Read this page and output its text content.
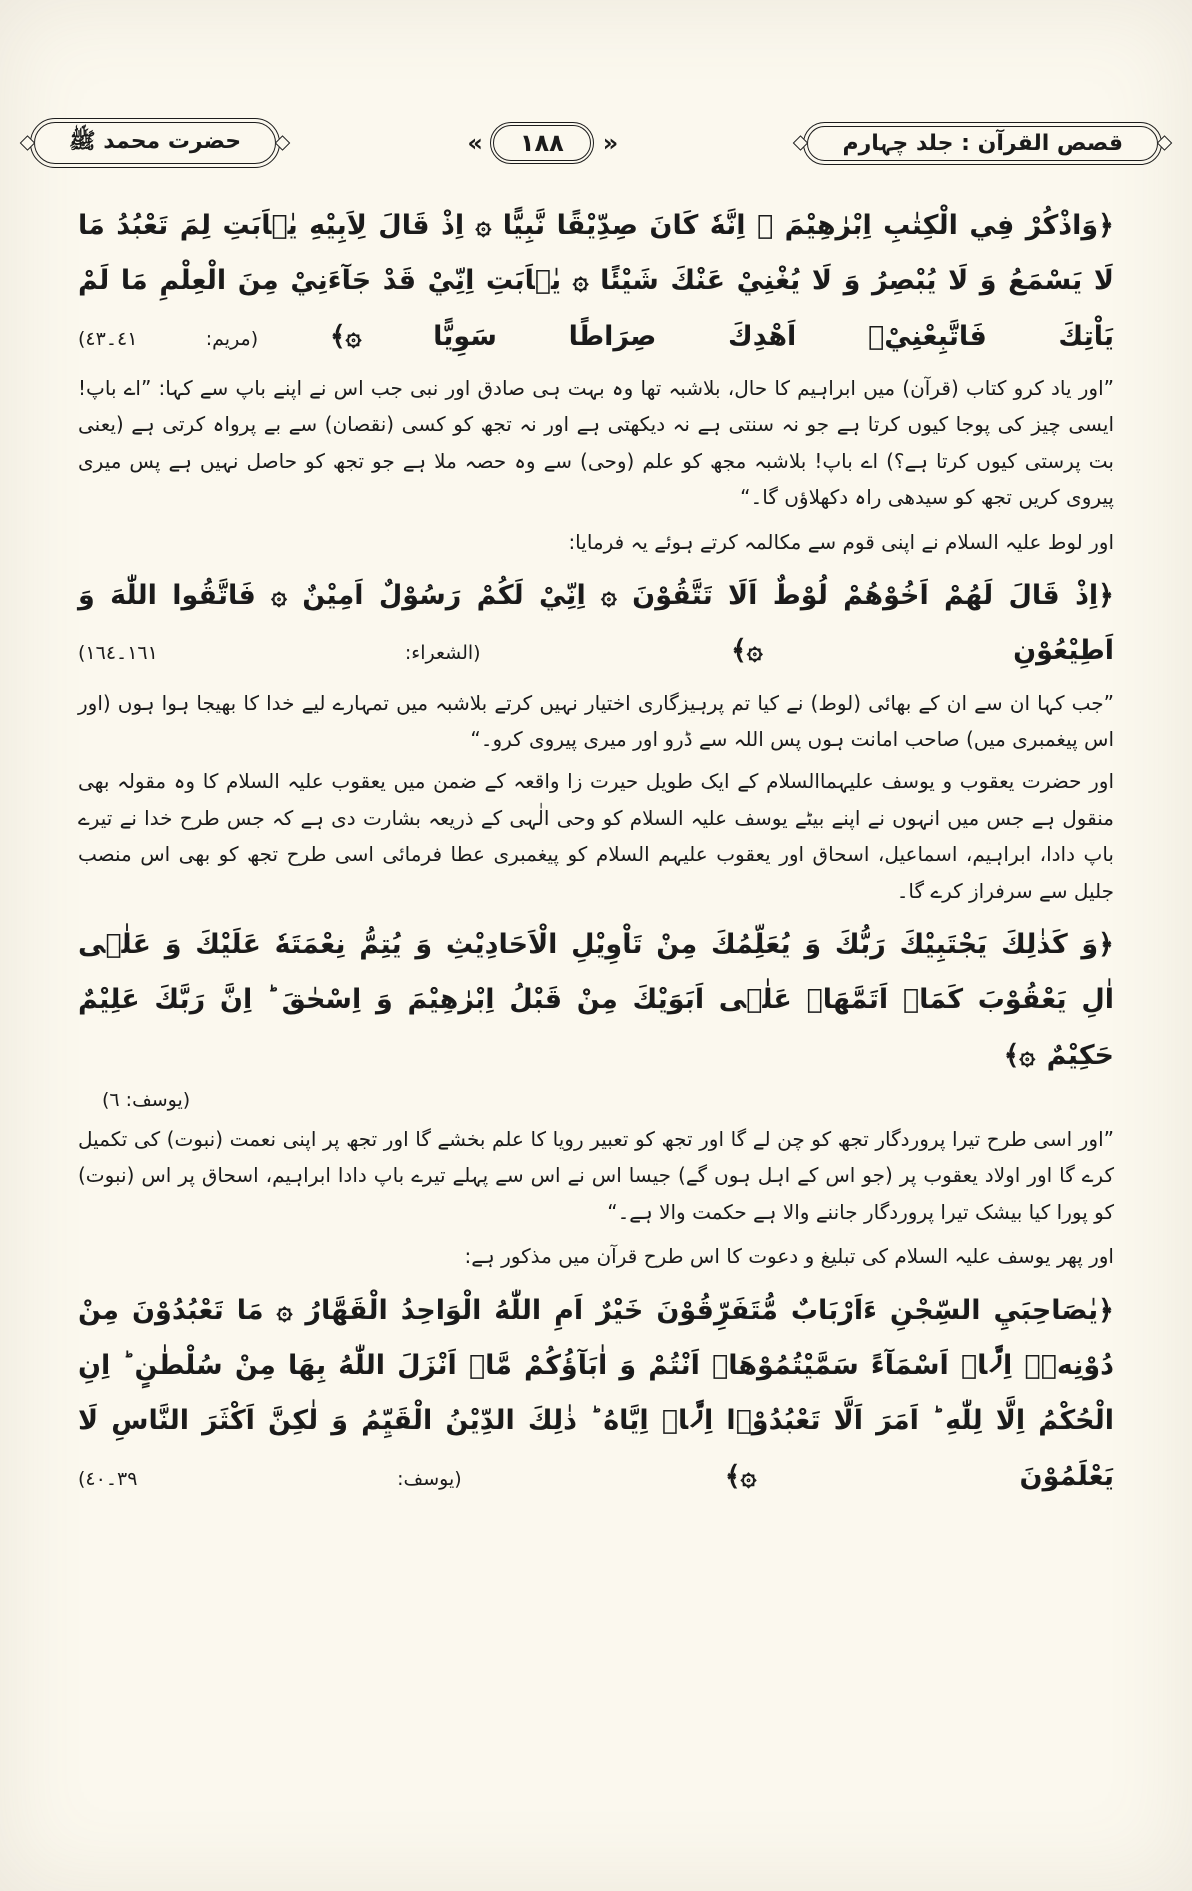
قصص القرآن : جلد چہارم
«
١٨٨
»
حضرت محمد ﷺ

﴿وَاذْكُرْ فِي الْكِتٰبِ اِبْرٰهِيْمَ ۚ اِنَّهٗ كَانَ صِدِّيْقًا نَّبِيًّا ۞ اِذْ قَالَ لِاَبِيْهِ يٰۤاَبَتِ لِمَ تَعْبُدُ مَا لَا يَسْمَعُ وَ لَا يُبْصِرُ وَ لَا يُغْنِيْ عَنْكَ شَيْئًا ۞ يٰۤاَبَتِ اِنِّيْ قَدْ جَآءَنِيْ مِنَ الْعِلْمِ مَا لَمْ يَاْتِكَ فَاتَّبِعْنِيْۤ اَهْدِكَ صِرَاطًا سَوِيًّا ۞﴾ (مريم: ٤١۔٤٣)

”اور یاد کرو کتاب (قرآن) میں ابراہیم کا حال، بلاشبہ تھا وہ بہت ہی صادق اور نبی جب اس نے اپنے باپ سے کہا: ”اے باپ! ایسی چیز کی پوجا کیوں کرتا ہے جو نہ سنتی ہے نہ دیکھتی ہے اور نہ تجھ کو کسی (نقصان) سے بے پرواہ کرتی ہے (یعنی بت پرستی کیوں کرتا ہے؟) اے باپ! بلاشبہ مجھ کو علم (وحی) سے وہ حصہ ملا ہے جو تجھ کو حاصل نہیں ہے پس میری پیروی کریں تجھ کو سیدھی راہ دکھلاؤں گا۔“

اور لوط علیہ السلام نے اپنی قوم سے مکالمہ کرتے ہوئے یہ فرمایا:

﴿اِذْ قَالَ لَهُمْ اَخُوْهُمْ لُوْطٌ اَلَا تَتَّقُوْنَ ۞ اِنِّيْ لَكُمْ رَسُوْلٌ اَمِيْنٌ ۞ فَاتَّقُوا اللّٰهَ وَ اَطِيْعُوْنِ ۞﴾ (الشعراء: ١٦١۔١٦٤)

”جب کہا ان سے ان کے بھائی (لوط) نے کیا تم پرہیزگاری اختیار نہیں کرتے بلاشبہ میں تمہارے لیے خدا کا بھیجا ہوا ہوں (اور اس پیغمبری میں) صاحب امانت ہوں پس اللہ سے ڈرو اور میری پیروی کرو۔“

اور حضرت یعقوب و یوسف علیہماالسلام کے ایک طویل حیرت زا واقعہ کے ضمن میں یعقوب علیہ السلام کا وہ مقولہ بھی منقول ہے جس میں انہوں نے اپنے بیٹے یوسف علیہ السلام کو وحی الٰہی کے ذریعہ بشارت دی ہے کہ جس طرح خدا نے تیرے باپ دادا، ابراہیم، اسماعیل، اسحاق اور یعقوب علیہم السلام کو پیغمبری عطا فرمائی اسی طرح تجھ کو بھی اس منصب جلیل سے سرفراز کرے گا۔

﴿وَ كَذٰلِكَ يَجْتَبِيْكَ رَبُّكَ وَ يُعَلِّمُكَ مِنْ تَاْوِيْلِ الْاَحَادِيْثِ وَ يُتِمُّ نِعْمَتَهٗ عَلَيْكَ وَ عَلٰۤى اٰلِ يَعْقُوْبَ كَمَاۤ اَتَمَّهَاۤ عَلٰۤى اَبَوَيْكَ مِنْ قَبْلُ اِبْرٰهِيْمَ وَ اِسْحٰقَ ؕ اِنَّ رَبَّكَ عَلِيْمٌ حَكِيْمٌ ۞﴾

(يوسف: ٦)

”اور اسی طرح تیرا پروردگار تجھ کو چن لے گا اور تجھ کو تعبیر رویا کا علم بخشے گا اور تجھ پر اپنی نعمت (نبوت) کی تکمیل کرے گا اور اولاد یعقوب پر (جو اس کے اہل ہوں گے) جیسا اس نے اس سے پہلے تیرے باپ دادا ابراہیم، اسحاق پر اس (نبوت) کو پورا کیا بیشک تیرا پروردگار جاننے والا ہے حکمت والا ہے۔“

اور پھر یوسف علیہ السلام کی تبلیغ و دعوت کا اس طرح قرآن میں مذکور ہے:

﴿يٰصَاحِبَيِ السِّجْنِ ءَاَرْبَابٌ مُّتَفَرِّقُوْنَ خَيْرٌ اَمِ اللّٰهُ الْوَاحِدُ الْقَهَّارُ ۞ مَا تَعْبُدُوْنَ مِنْ دُوْنِهٖۤ اِلَّاۤ اَسْمَآءً سَمَّيْتُمُوْهَاۤ اَنْتُمْ وَ اٰبَآؤُكُمْ مَّاۤ اَنْزَلَ اللّٰهُ بِهَا مِنْ سُلْطٰنٍ ؕ اِنِ الْحُكْمُ اِلَّا لِلّٰهِ ؕ اَمَرَ اَلَّا تَعْبُدُوْۤا اِلَّاۤ اِيَّاهُ ؕ ذٰلِكَ الدِّيْنُ الْقَيِّمُ وَ لٰكِنَّ اَكْثَرَ النَّاسِ لَا يَعْلَمُوْنَ ۞﴾ (يوسف: ٣٩۔٤٠)
